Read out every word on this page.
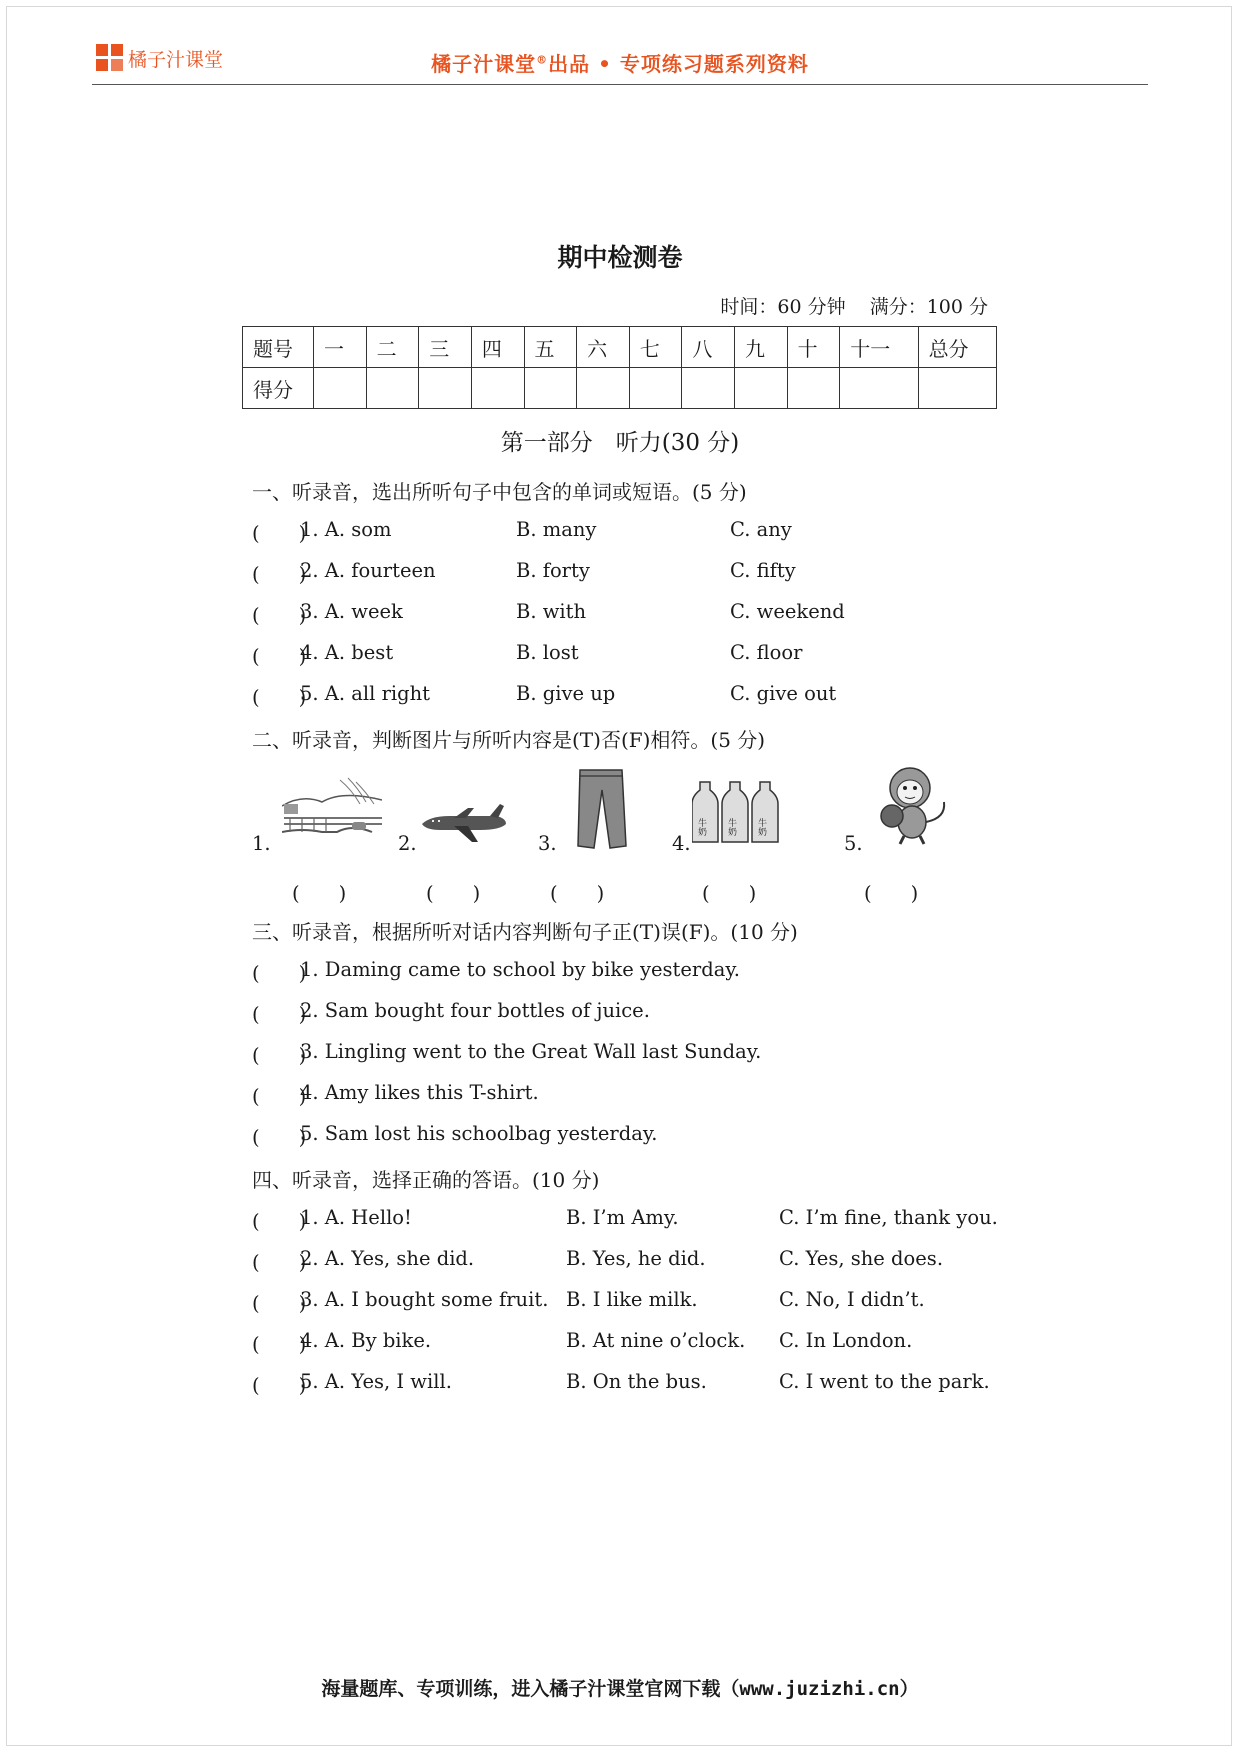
橘子汁课堂	橘子汁课堂®出品 • 专项练习题系列资料
期中检测卷
时间：60 分钟 满分：100 分
题号	一	二	三	四	五	六	七	八	九	十	十一	总分
得分												
第一部分　听力(30 分)
一、听录音，选出所听句子中包含的单词或短语。(5 分)
(　　)
1. A. som	B. many	C. any
(　　)
2. A. fourteen	B. forty	C. fifty
(　　)
3. A. week	B. with	C. weekend
(　　)
4. A. best	B. lost	C. floor
(　　)
5. A. all right	B. give up	C. give out
二、听录音，判断图片与所听内容是(T)否(F)相符。(5 分)
1.	2.	3.	4.
牛奶 牛奶 牛奶
5.
(　　)	(　　)	(　　)	(　　)	(　　)
三、听录音，根据所听对话内容判断句子正(T)误(F)。(10 分)
(　　)
1. Daming came to school by bike yesterday.
(　　)
2. Sam bought four bottles of juice.
(　　)
3. Lingling went to the Great Wall last Sunday.
(　　)
4. Amy likes this T-shirt.
(　　)
5. Sam lost his schoolbag yesterday.
四、听录音，选择正确的答语。(10 分)
(　　)
1. A. Hello!	B. I’m Amy.	C. I’m fine, thank you.
(　　)
2. A. Yes, she did.	B. Yes, he did.	C. Yes, she does.
(　　)
3. A. I bought some fruit. B. I like milk.	C. No, I didn’t.
(　　)
4. A. By bike.	B. At nine o’clock. C. In London.
(　　)
5. A. Yes, I will.	B. On the bus.	C. I went to the park.
海量题库、专项训练，进入橘子汁课堂官网下载（www.juzizhi.cn）
